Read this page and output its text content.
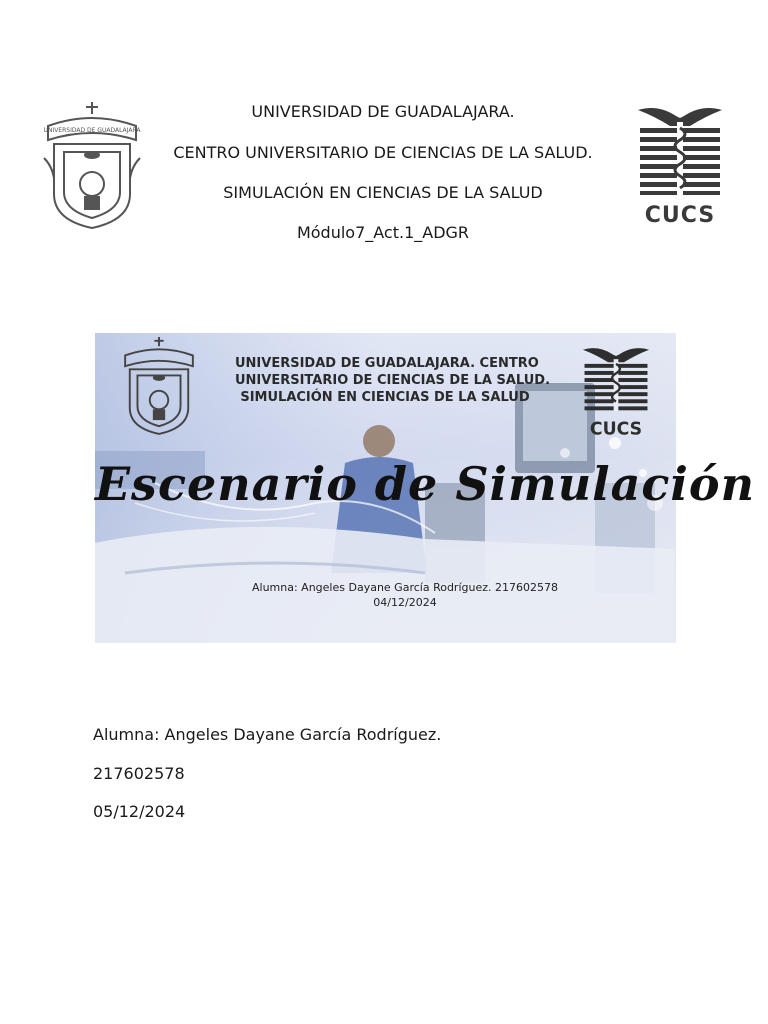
UNIVERSIDAD DE GUADALAJARA
UNIVERSIDAD DE GUADALAJARA.
CENTRO UNIVERSITARIO DE CIENCIAS DE LA SALUD.
SIMULACIÓN EN CIENCIAS DE LA SALUD
Módulo7_Act.1_ADGR
CUCS
UNIVERSIDAD DE GUADALAJARA. CENTRO
UNIVERSITARIO DE CIENCIAS DE LA SALUD.
SIMULACIÓN EN CIENCIAS DE LA SALUD
CUCS
Escenario de Simulación
Alumna: Angeles Dayane García Rodríguez. 217602578
04/12/2024
Alumna: Angeles Dayane García Rodríguez.
217602578
05/12/2024
